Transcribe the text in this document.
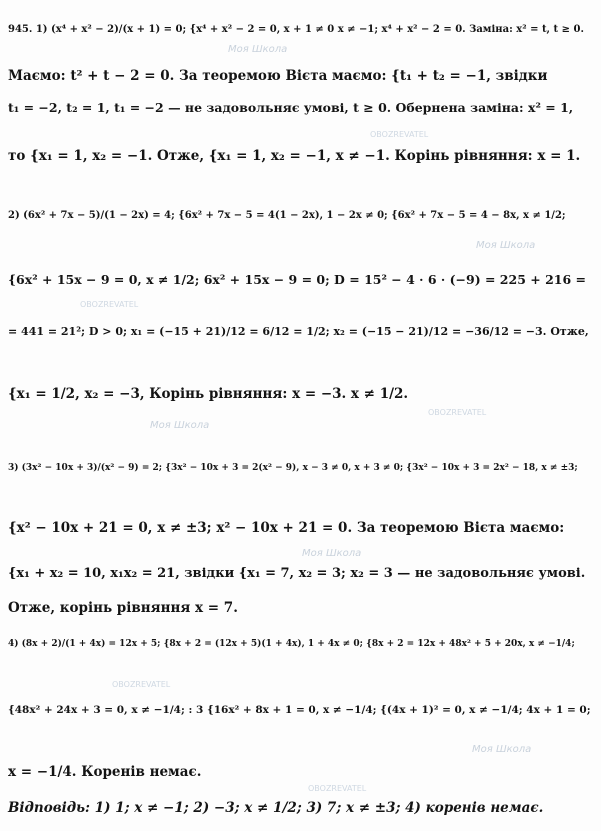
945. 1) (x⁴ + x² − 2)/(x + 1) = 0; {x⁴ + x² − 2 = 0, x + 1 ≠ 0 x ≠ −1; x⁴ + x² − 2 = 0. Заміна: x² = t, t ≥ 0.
Маємо: t² + t − 2 = 0. За теоремою Вієта маємо: {t₁ + t₂ = −1, звідки
t₁ = −2, t₂ = 1, t₁ = −2 — не задовольняє умові, t ≥ 0. Обернена заміна: x² = 1,
то {x₁ = 1, x₂ = −1. Отже, {x₁ = 1, x₂ = −1, x ≠ −1. Корінь рівняння: x = 1.
2) (6x² + 7x − 5)/(1 − 2x) = 4; {6x² + 7x − 5 = 4(1 − 2x), 1 − 2x ≠ 0; {6x² + 7x − 5 = 4 − 8x, x ≠ 1/2;
{6x² + 15x − 9 = 0, x ≠ 1/2; 6x² + 15x − 9 = 0; D = 15² − 4 · 6 · (−9) = 225 + 216 =
= 441 = 21²; D > 0; x₁ = (−15 + 21)/12 = 6/12 = 1/2; x₂ = (−15 − 21)/12 = −36/12 = −3. Отже,
{x₁ = 1/2, x₂ = −3, Корінь рівняння: x = −3. x ≠ 1/2.
3) (3x² − 10x + 3)/(x² − 9) = 2; {3x² − 10x + 3 = 2(x² − 9), x − 3 ≠ 0, x + 3 ≠ 0; {3x² − 10x + 3 = 2x² − 18, x ≠ ±3;
{x² − 10x + 21 = 0, x ≠ ±3; x² − 10x + 21 = 0. За теоремою Вієта маємо:
{x₁ + x₂ = 10, x₁x₂ = 21, звідки {x₁ = 7, x₂ = 3; x₂ = 3 — не задовольняє умові.
Отже, корінь рівняння x = 7.
4) (8x + 2)/(1 + 4x) = 12x + 5; {8x + 2 = (12x + 5)(1 + 4x), 1 + 4x ≠ 0; {8x + 2 = 12x + 48x² + 5 + 20x, x ≠ −1/4;
{48x² + 24x + 3 = 0, x ≠ −1/4; : 3 {16x² + 8x + 1 = 0, x ≠ −1/4; {(4x + 1)² = 0, x ≠ −1/4; 4x + 1 = 0;
x = −1/4. Коренів немає.
Відповідь: 1) 1; x ≠ −1; 2) −3; x ≠ 1/2; 3) 7; x ≠ ±3; 4) коренів немає.
Моя Школа
OBOZREVATEL
Моя Школа
OBOZREVATEL
Моя Школа
OBOZREVATEL
Моя Школа
OBOZREVATEL
Моя Школа
OBOZREVATEL
